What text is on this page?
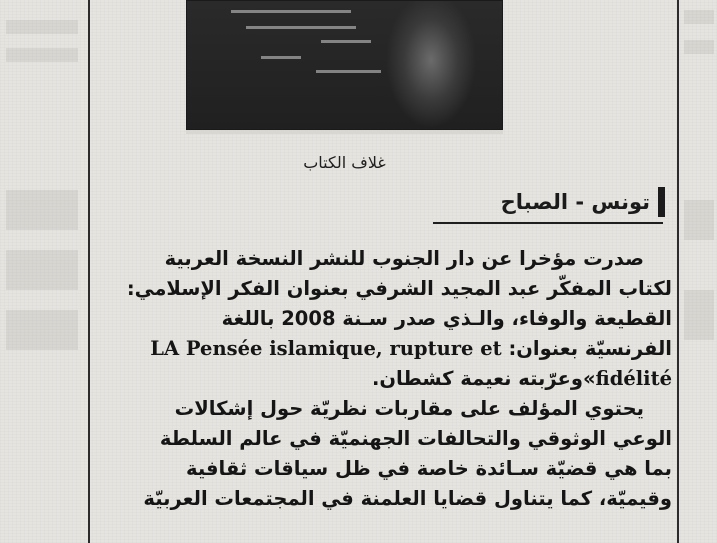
غلاف الكتاب
تونس - الصباح
صدرت مؤخرا عن دار الجنوب للنشر النسخة العربية
لكتاب المفكّر عبد المجيد الشرفي بعنوان الفكر الإسلامي:
القطيعة والوفاء، والـذي صدر سـنة 2008 باللغة
الفرنسيّة بعنوان: LA Pensée islamique, rupture et
fidélité»وعرّبته نعيمة كشطان.
يحتوي المؤلف على مقاربات نظريّة حول إشكالات
الوعي الوثوقي والتحالفات الجهنميّة في عالم السلطة
بما هي قضيّة سـائدة خاصة في ظل سياقات ثقافية
وقيميّة، كما يتناول قضايا العلمنة في المجتمعات العربيّة
